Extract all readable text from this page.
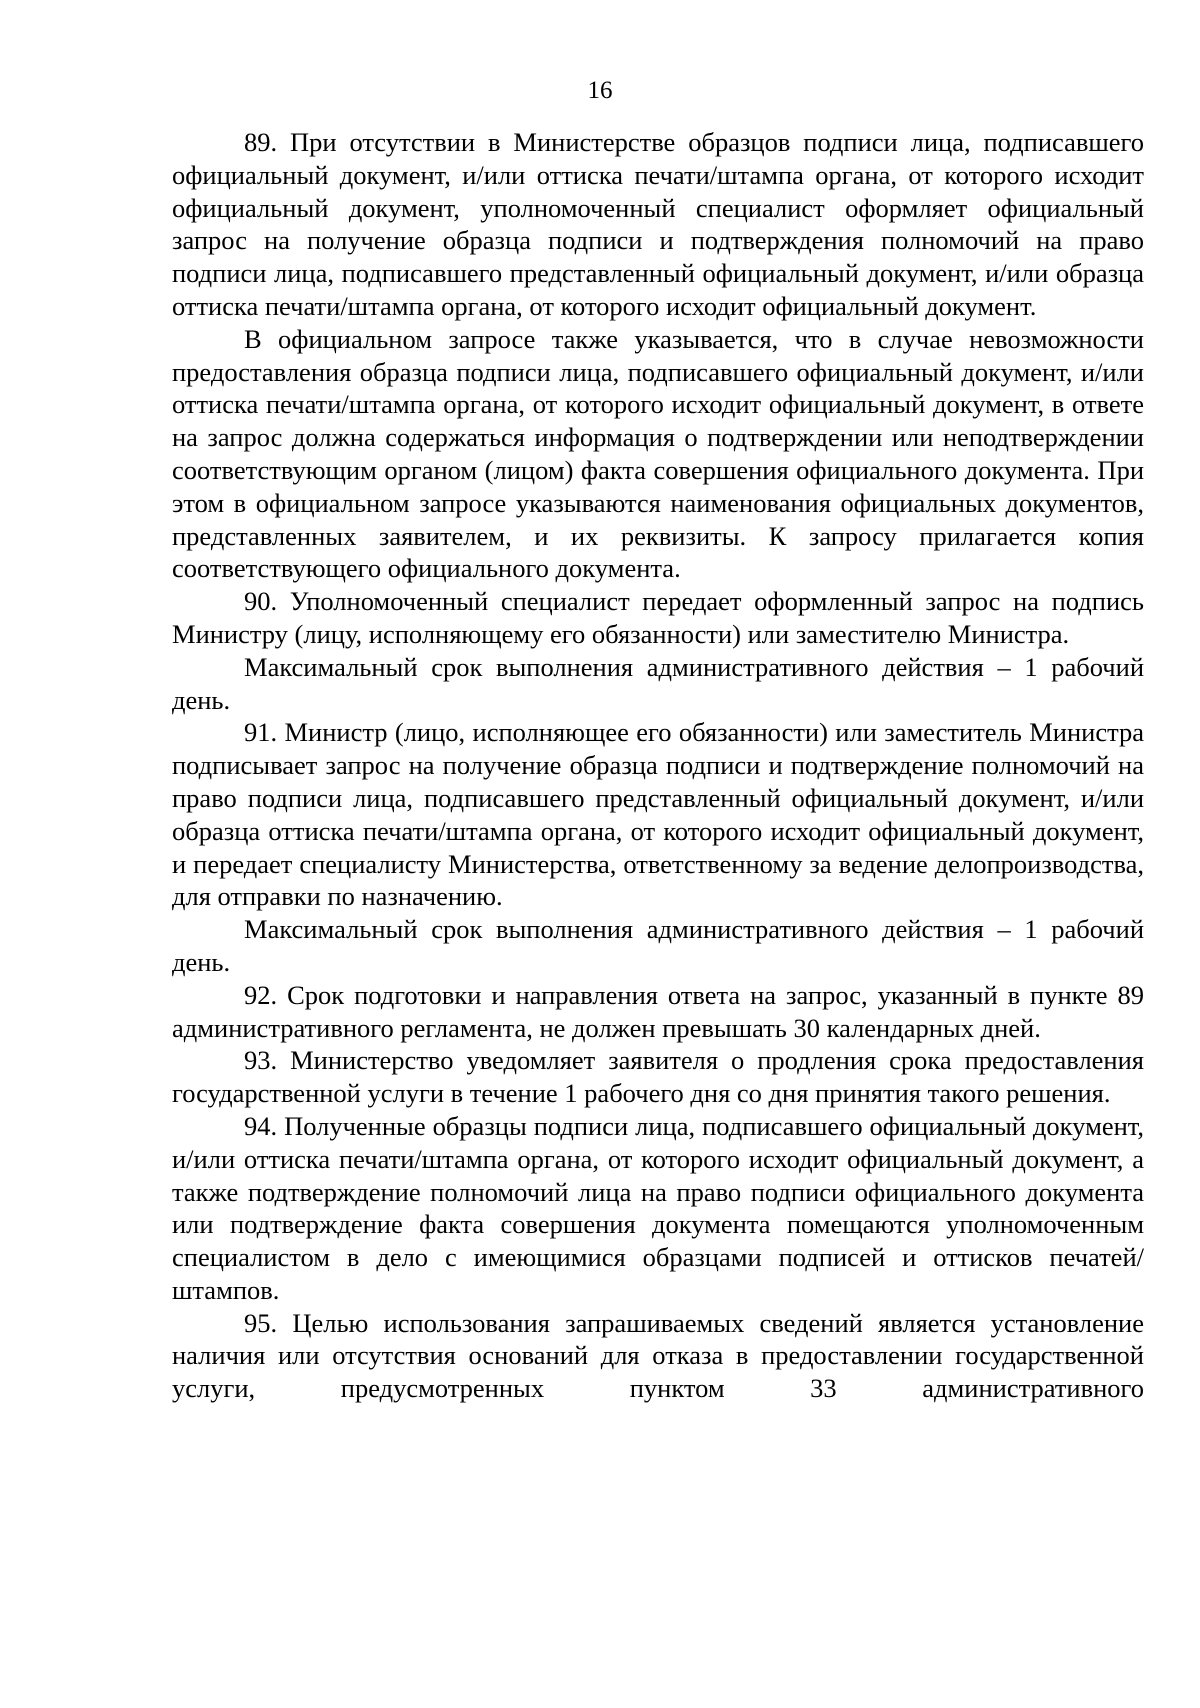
16

89. При отсутствии в Министерстве образцов подписи лица, подписавшего официальный документ, и/или оттиска печати/штампа органа, от которого исходит официальный документ, уполномоченный специалист оформляет официальный запрос на получение образца подписи и подтверждения полномочий на право подписи лица, подписавшего представленный официальный документ, и/или образца оттиска печати/штампа органа, от которого исходит официальный документ.

В официальном запросе также указывается, что в случае невозможности предоставления образца подписи лица, подписавшего официальный документ, и/или оттиска печати/штампа органа, от которого исходит официальный документ, в ответе на запрос должна содержаться информация о подтверждении или неподтверждении соответствующим органом (лицом) факта совершения официального документа. При этом в официальном запросе указываются наименования официальных документов, представленных заявителем, и их реквизиты. К запросу прилагается копия соответствующего официального документа.

90. Уполномоченный специалист передает оформленный запрос на подпись Министру (лицу, исполняющему его обязанности) или заместителю Министра.

Максимальный срок выполнения административного действия – 1 рабочий день.

91. Министр (лицо, исполняющее его обязанности) или заместитель Министра подписывает запрос на получение образца подписи и подтверждение полномочий на право подписи лица, подписавшего представленный официальный документ, и/или образца оттиска печати/штампа органа, от которого исходит официальный документ, и передает специалисту Министерства, ответственному за ведение делопроизводства, для отправки по назначению.

Максимальный срок выполнения административного действия – 1 рабочий день.

92. Срок подготовки и направления ответа на запрос, указанный в пункте 89 административного регламента, не должен превышать 30 календарных дней.

93. Министерство уведомляет заявителя о продления срока предоставления государственной услуги в течение 1 рабочего дня со дня принятия такого решения.

94. Полученные образцы подписи лица, подписавшего официальный документ, и/или оттиска печати/штампа органа, от которого исходит официальный документ, а также подтверждение полномочий лица на право подписи официального документа или подтверждение факта совершения документа помещаются уполномоченным специалистом в дело с имеющимися образцами подписей и оттисков печатей/штампов.

95. Целью использования запрашиваемых сведений является установление наличия или отсутствия оснований для отказа в предоставлении государственной услуги, предусмотренных пунктом 33 административного
